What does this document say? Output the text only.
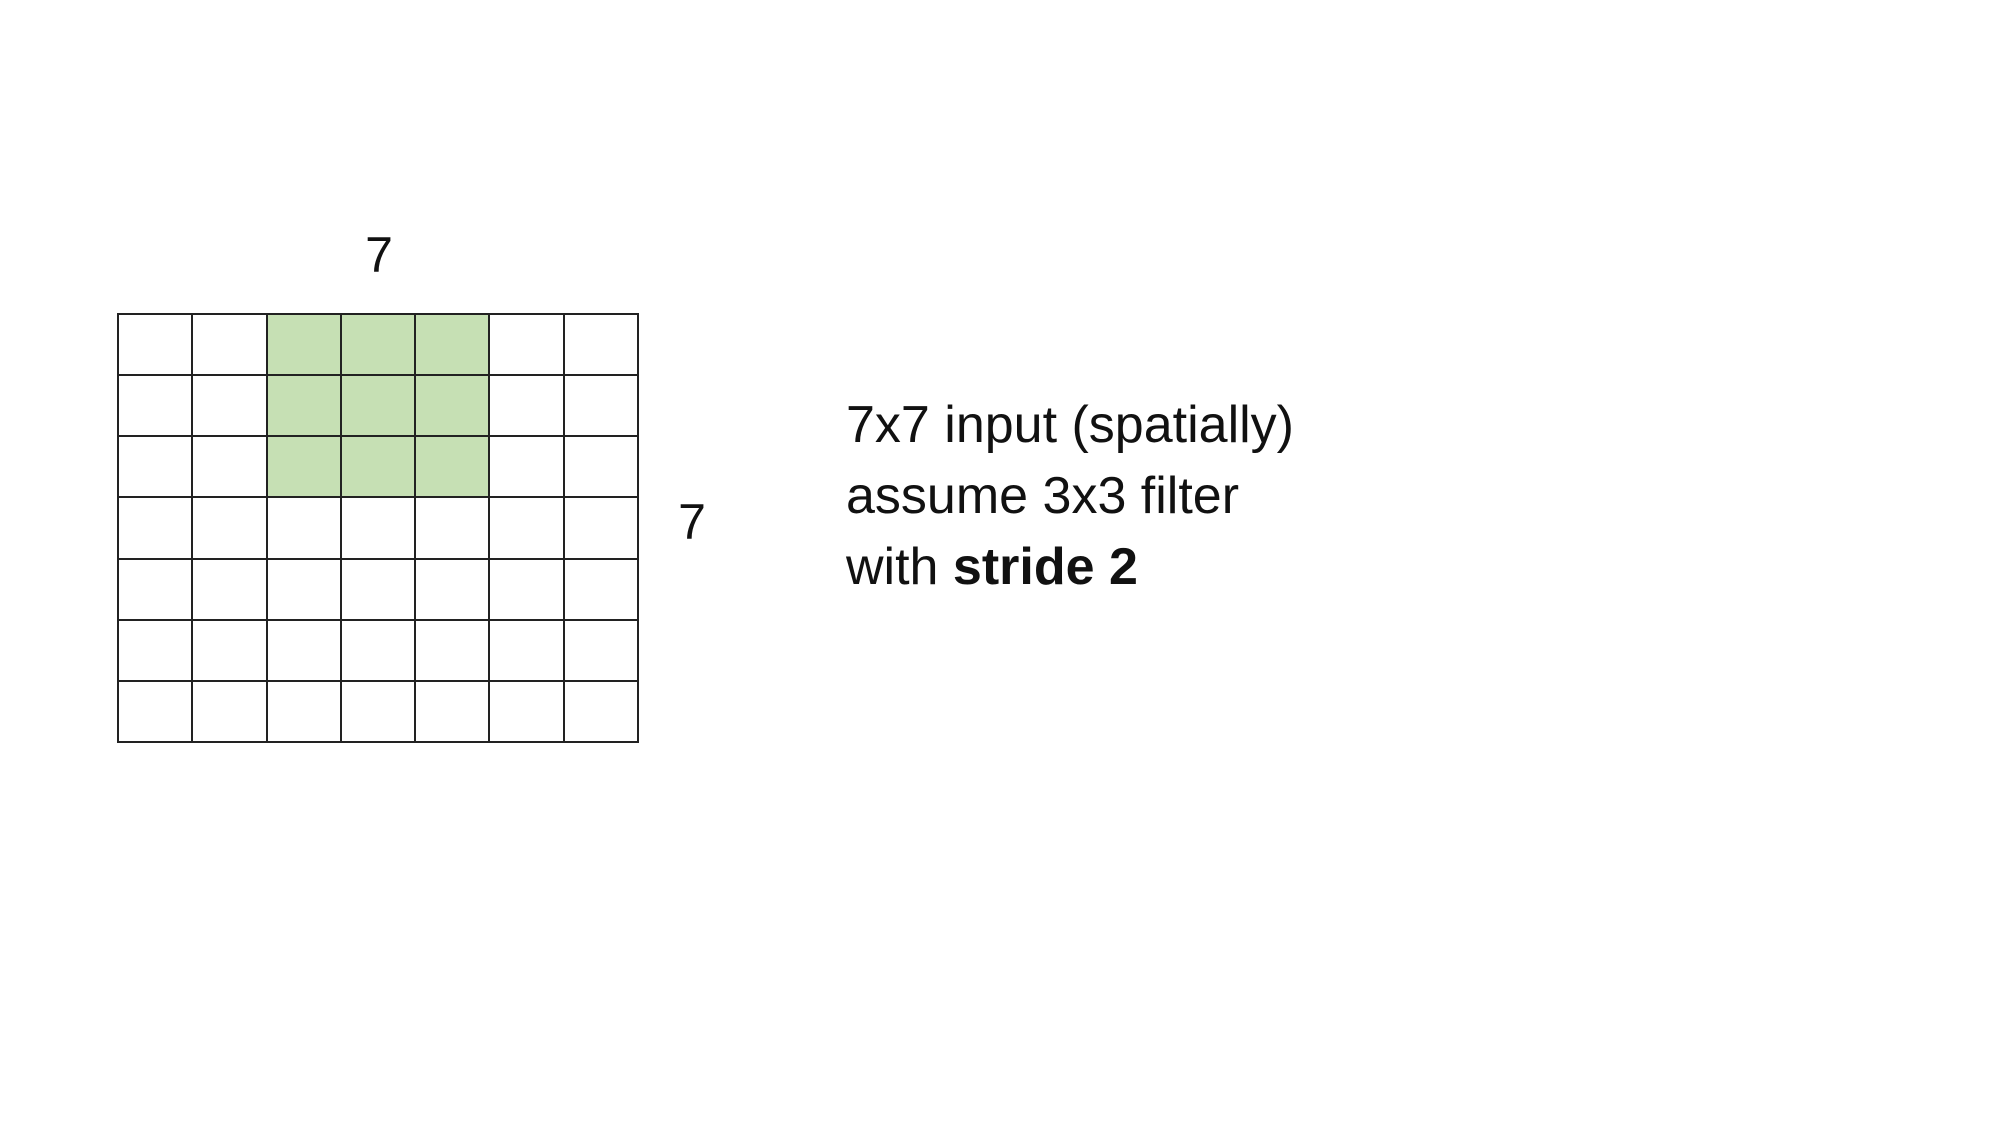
7
7
7x7 input (spatially)
assume 3x3 filter
with stride 2
